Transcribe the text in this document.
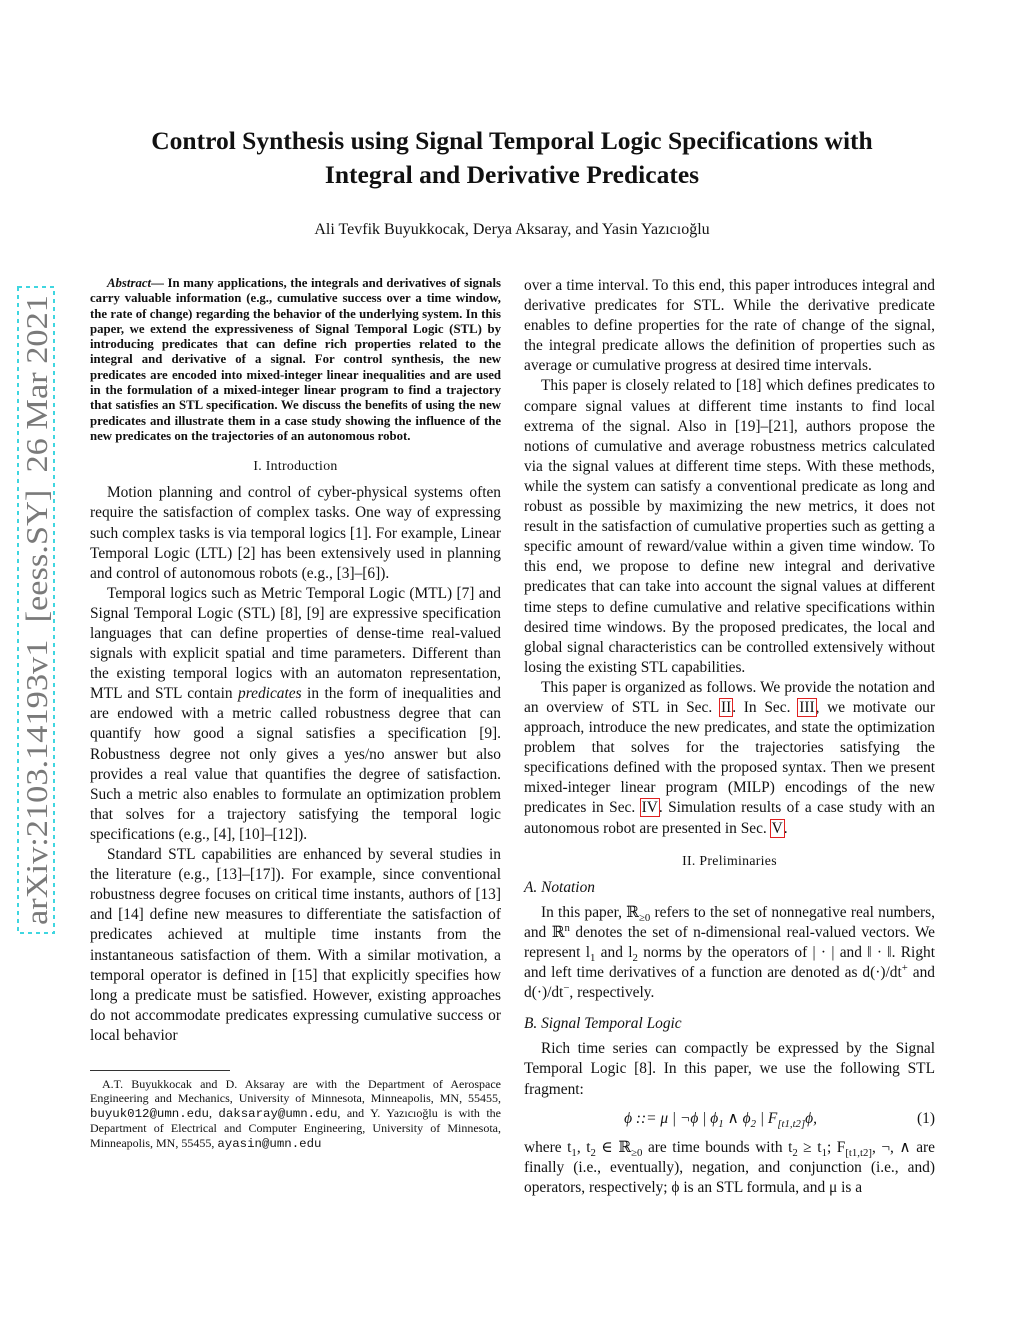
arXiv:2103.14193v1  [eess.SY]  26 Mar 2021
Control Synthesis using Signal Temporal Logic Specifications with
Integral and Derivative Predicates
Ali Tevfik Buyukkocak, Derya Aksaray, and Yasin Yazıcıoğlu

Abstract— In many applications, the integrals and derivatives of signals carry valuable information (e.g., cumulative success over a time window, the rate of change) regarding the behavior of the underlying system. In this paper, we extend the expressiveness of Signal Temporal Logic (STL) by introducing predicates that can define rich properties related to the integral and derivative of a signal. For control synthesis, the new predicates are encoded into mixed-integer linear inequalities and are used in the formulation of a mixed-integer linear program to find a trajectory that satisfies an STL specification. We discuss the benefits of using the new predicates and illustrate them in a case study showing the influence of the new predicates on the trajectories of an autonomous robot.

I. Introduction

Motion planning and control of cyber-physical systems often require the satisfaction of complex tasks. One way of expressing such complex tasks is via temporal logics [1]. For example, Linear Temporal Logic (LTL) [2] has been extensively used in planning and control of autonomous robots (e.g., [3]–[6]).

Temporal logics such as Metric Temporal Logic (MTL) [7] and Signal Temporal Logic (STL) [8], [9] are expressive specification languages that can define properties of dense-time real-valued signals with explicit spatial and time parameters. Different than the existing temporal logics with an automaton representation, MTL and STL contain predicates in the form of inequalities and are endowed with a metric called robustness degree that can quantify how good a signal satisfies a specification [9]. Robustness degree not only gives a yes/no answer but also provides a real value that quantifies the degree of satisfaction. Such a metric also enables to formulate an optimization problem that solves for a trajectory satisfying the temporal logic specifications (e.g., [4], [10]–[12]).

Standard STL capabilities are enhanced by several studies in the literature (e.g., [13]–[17]). For example, since conventional robustness degree focuses on critical time instants, authors of [13] and [14] define new measures to differentiate the satisfaction of predicates achieved at multiple time instants from the instantaneous satisfaction of them. With a similar motivation, a temporal operator is defined in [15] that explicitly specifies how long a predicate must be satisfied. However, existing approaches do not accommodate predicates expressing cumulative success or local behavior

A.T. Buyukkocak and D. Aksaray are with the Department of Aerospace Engineering and Mechanics, University of Minnesota, Minneapolis, MN, 55455, buyuk012@umn.edu, daksaray@umn.edu, and Y. Yazıcıoğlu is with the Department of Electrical and Computer Engineering, University of Minnesota, Minneapolis, MN, 55455, ayasin@umn.edu

over a time interval. To this end, this paper introduces integral and derivative predicates for STL. While the derivative predicate enables to define properties for the rate of change of the signal, the integral predicate allows the definition of properties such as average or cumulative progress at desired time intervals.

This paper is closely related to [18] which defines predicates to compare signal values at different time instants to find local extrema of the signal. Also in [19]–[21], authors propose the notions of cumulative and average robustness metrics calculated via the signal values at different time steps. With these methods, while the system can satisfy a conventional predicate as long and robust as possible by maximizing the new metrics, it does not result in the satisfaction of cumulative properties such as getting a specific amount of reward/value within a given time window. To this end, we propose to define new integral and derivative predicates that can take into account the signal values at different time steps to define cumulative and relative specifications within desired time windows. By the proposed predicates, the local and global signal characteristics can be controlled extensively without losing the existing STL capabilities.

This paper is organized as follows. We provide the notation and an overview of STL in Sec. II. In Sec. III, we motivate our approach, introduce the new predicates, and state the optimization problem that solves for the trajectories satisfying the specifications defined with the proposed syntax. Then we present mixed-integer linear program (MILP) encodings of the new predicates in Sec. IV. Simulation results of a case study with an autonomous robot are presented in Sec. V.

II. Preliminaries
A. Notation

In this paper, ℝ$_{\ge 0}$ refers to the set of nonnegative real numbers, and ℝ$^n$ denotes the set of n-dimensional real-valued vectors. We represent $l_1$ and $l_2$ norms by the operators of | · | and ‖ · ‖. Right and left time derivatives of a function are denoted as d(·)/dt+ and d(·)/dt−, respectively.

B. Signal Temporal Logic

Rich time series can compactly be expressed by the Signal Temporal Logic [8]. In this paper, we use the following STL fragment:

ϕ ::= μ | ¬ϕ | $\phi_1$ ∧ $\phi_2$ | $F_{[t1,t2]}\phi$,	(1)

where $t_1$, $t_2$ ∈ ℝ$_{\ge 0}$ are time bounds with $t_2 \ge t_1$; $F_{[t1,t2]}$, ¬, ∧ are finally (i.e., eventually), negation, and conjunction (i.e., and) operators, respectively; ϕ is an STL formula, and μ is a
